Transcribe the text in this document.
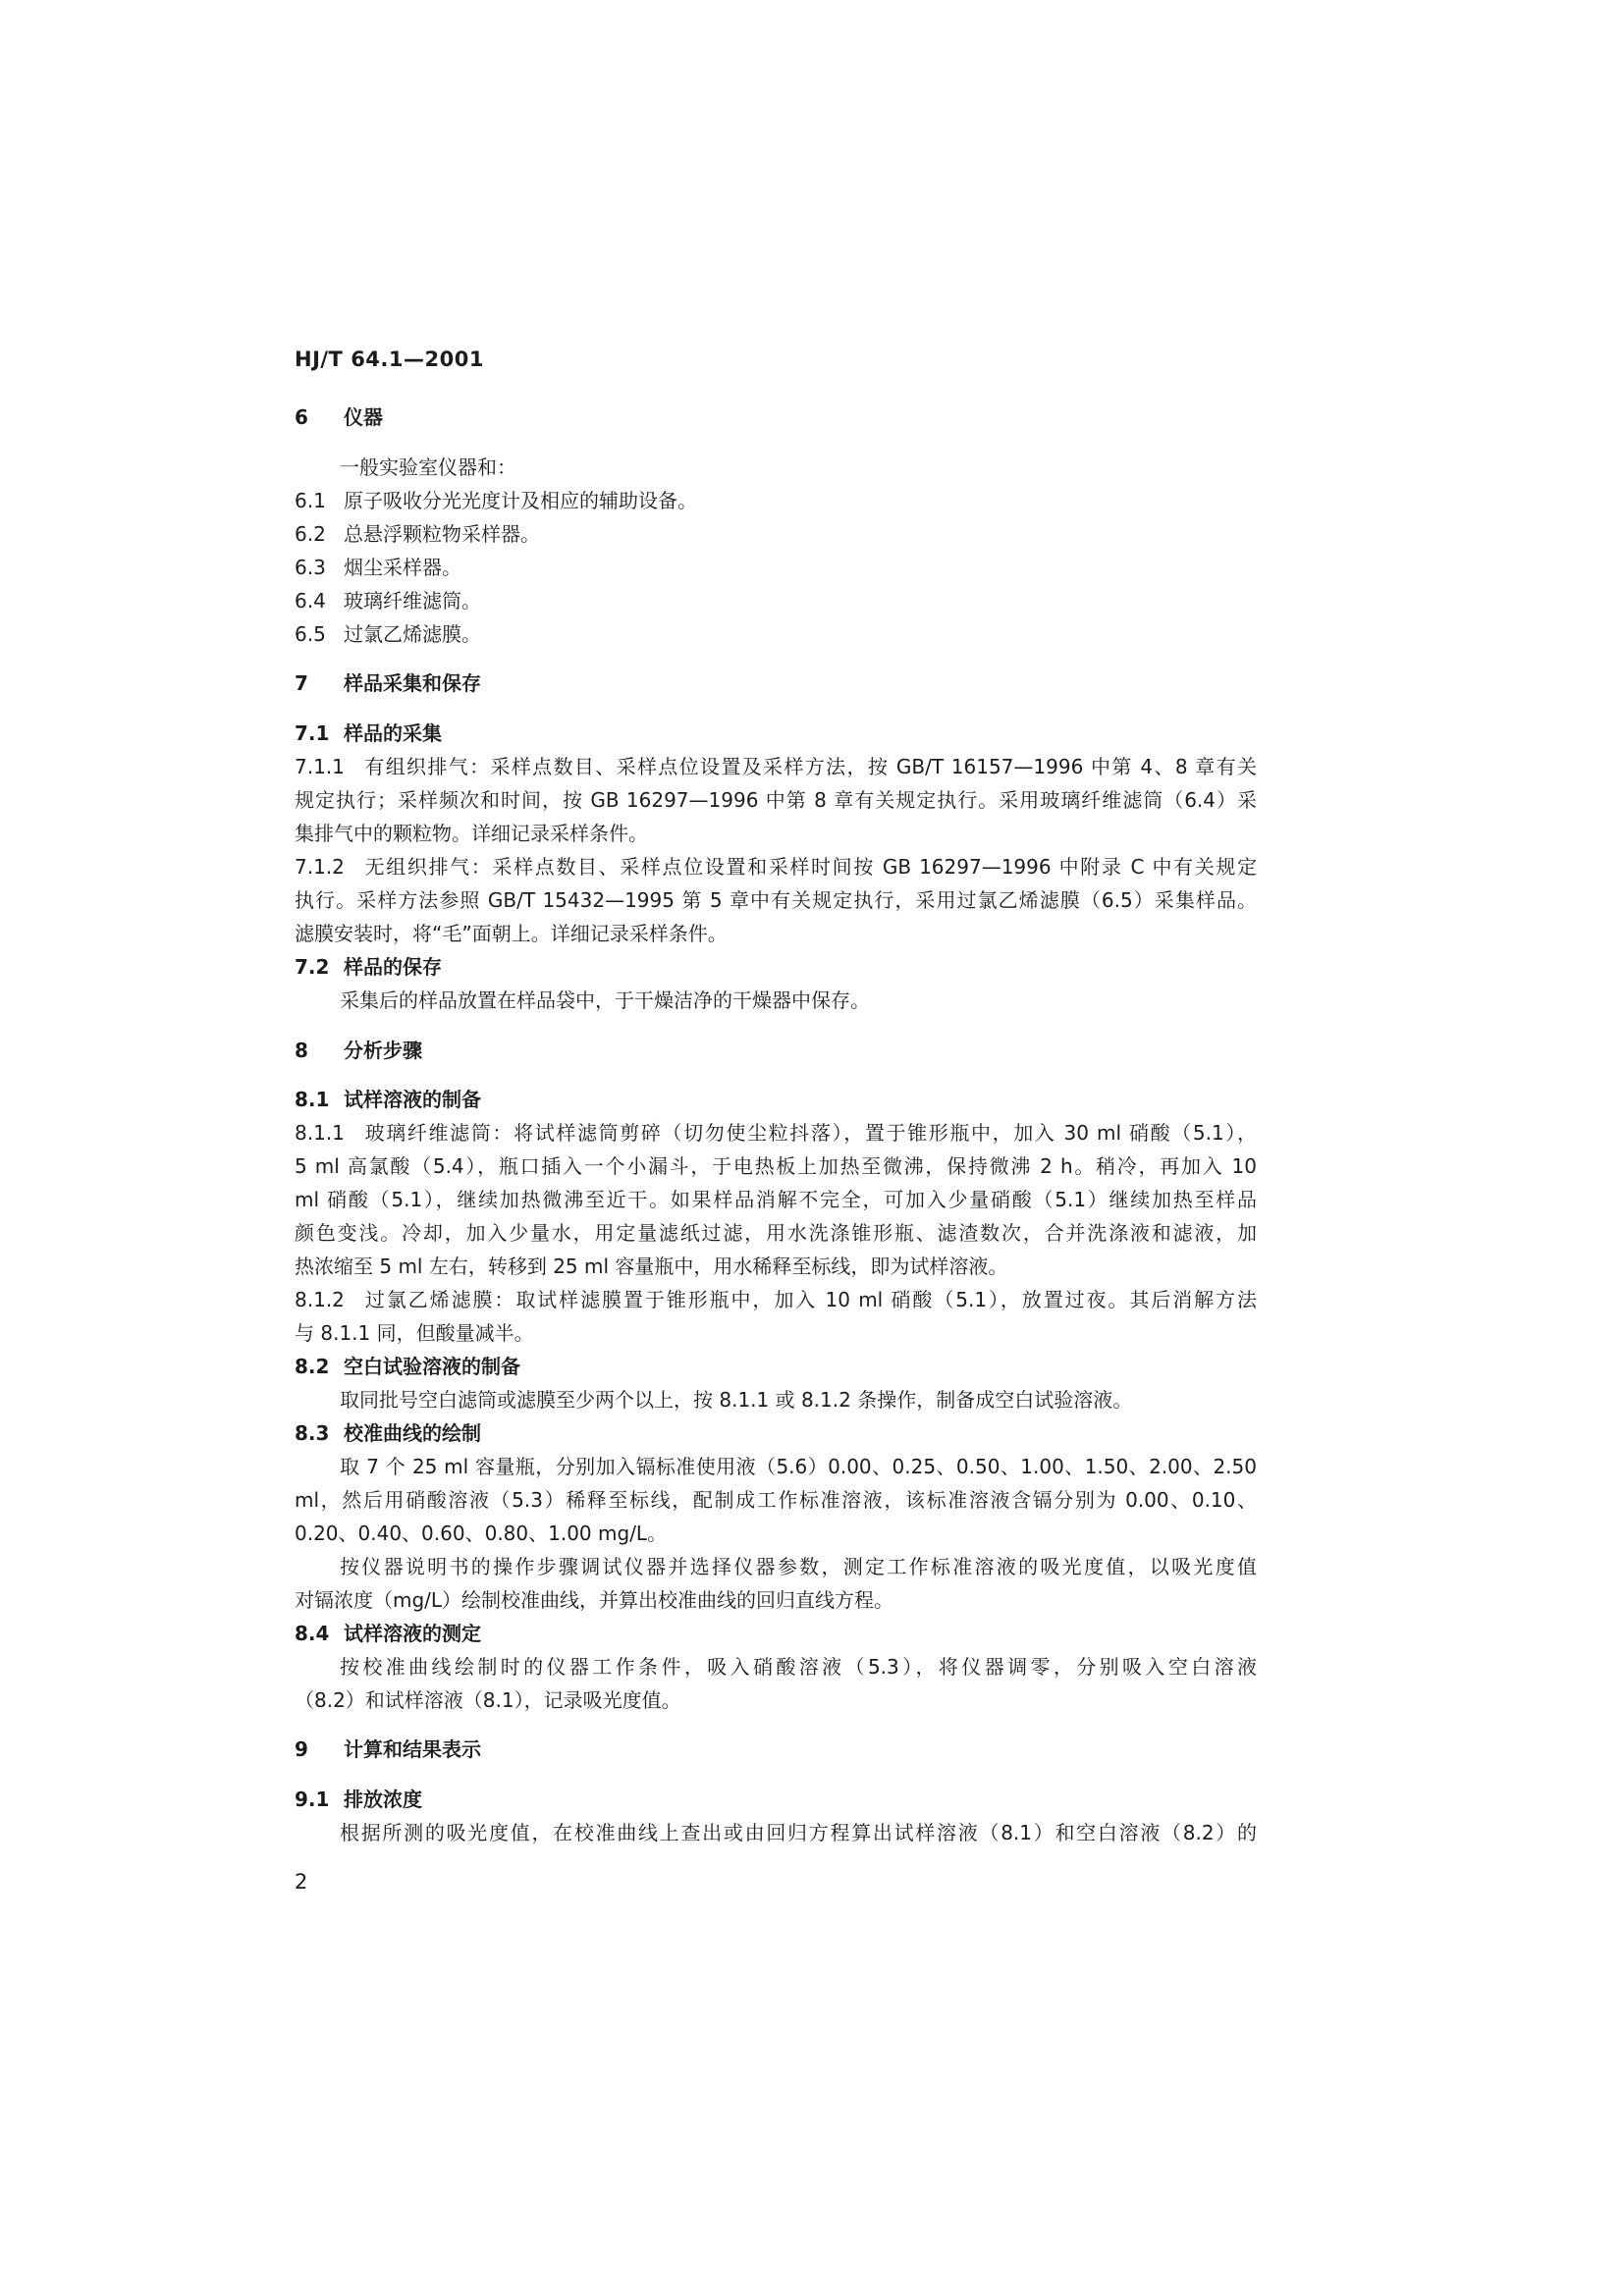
HJ/T 64.1—2001
6 仪器
一般实验室仪器和：
6.1 原子吸收分光光度计及相应的辅助设备。
6.2 总悬浮颗粒物采样器。
6.3 烟尘采样器。
6.4 玻璃纤维滤筒。
6.5 过氯乙烯滤膜。
7 样品采集和保存
7.1 样品的采集
7.1.1 有组织排气：采样点数目、采样点位设置及采样方法，按 GB/T 16157—1996 中第 4、8 章有关
规定执行；采样频次和时间，按 GB 16297—1996 中第 8 章有关规定执行。采用玻璃纤维滤筒（6.4）采
集排气中的颗粒物。详细记录采样条件。
7.1.2 无组织排气：采样点数目、采样点位设置和采样时间按 GB 16297—1996 中附录 C 中有关规定
执行。采样方法参照 GB/T 15432—1995 第 5 章中有关规定执行，采用过氯乙烯滤膜（6.5）采集样品。
滤膜安装时，将“毛”面朝上。详细记录采样条件。
7.2 样品的保存
采集后的样品放置在样品袋中，于干燥洁净的干燥器中保存。
8 分析步骤
8.1 试样溶液的制备
8.1.1 玻璃纤维滤筒：将试样滤筒剪碎（切勿使尘粒抖落），置于锥形瓶中，加入 30 ml 硝酸（5.1），
5 ml 高氯酸（5.4），瓶口插入一个小漏斗，于电热板上加热至微沸，保持微沸 2 h。稍冷，再加入 10
ml 硝酸（5.1），继续加热微沸至近干。如果样品消解不完全，可加入少量硝酸（5.1）继续加热至样品
颜色变浅。冷却，加入少量水，用定量滤纸过滤，用水洗涤锥形瓶、滤渣数次，合并洗涤液和滤液，加
热浓缩至 5 ml 左右，转移到 25 ml 容量瓶中，用水稀释至标线，即为试样溶液。
8.1.2 过氯乙烯滤膜：取试样滤膜置于锥形瓶中，加入 10 ml 硝酸（5.1），放置过夜。其后消解方法
与 8.1.1 同，但酸量减半。
8.2 空白试验溶液的制备
取同批号空白滤筒或滤膜至少两个以上，按 8.1.1 或 8.1.2 条操作，制备成空白试验溶液。
8.3 校准曲线的绘制
取 7 个 25 ml 容量瓶，分别加入镉标准使用液（5.6）0.00、0.25、0.50、1.00、1.50、2.00、2.50
ml，然后用硝酸溶液（5.3）稀释至标线，配制成工作标准溶液，该标准溶液含镉分别为 0.00、0.10、
0.20、0.40、0.60、0.80、1.00 mg/L。
按仪器说明书的操作步骤调试仪器并选择仪器参数，测定工作标准溶液的吸光度值，以吸光度值
对镉浓度（mg/L）绘制校准曲线，并算出校准曲线的回归直线方程。
8.4 试样溶液的测定
按校准曲线绘制时的仪器工作条件，吸入硝酸溶液（5.3），将仪器调零，分别吸入空白溶液
（8.2）和试样溶液（8.1），记录吸光度值。
9 计算和结果表示
9.1 排放浓度
根据所测的吸光度值，在校准曲线上查出或由回归方程算出试样溶液（8.1）和空白溶液（8.2）的
2
